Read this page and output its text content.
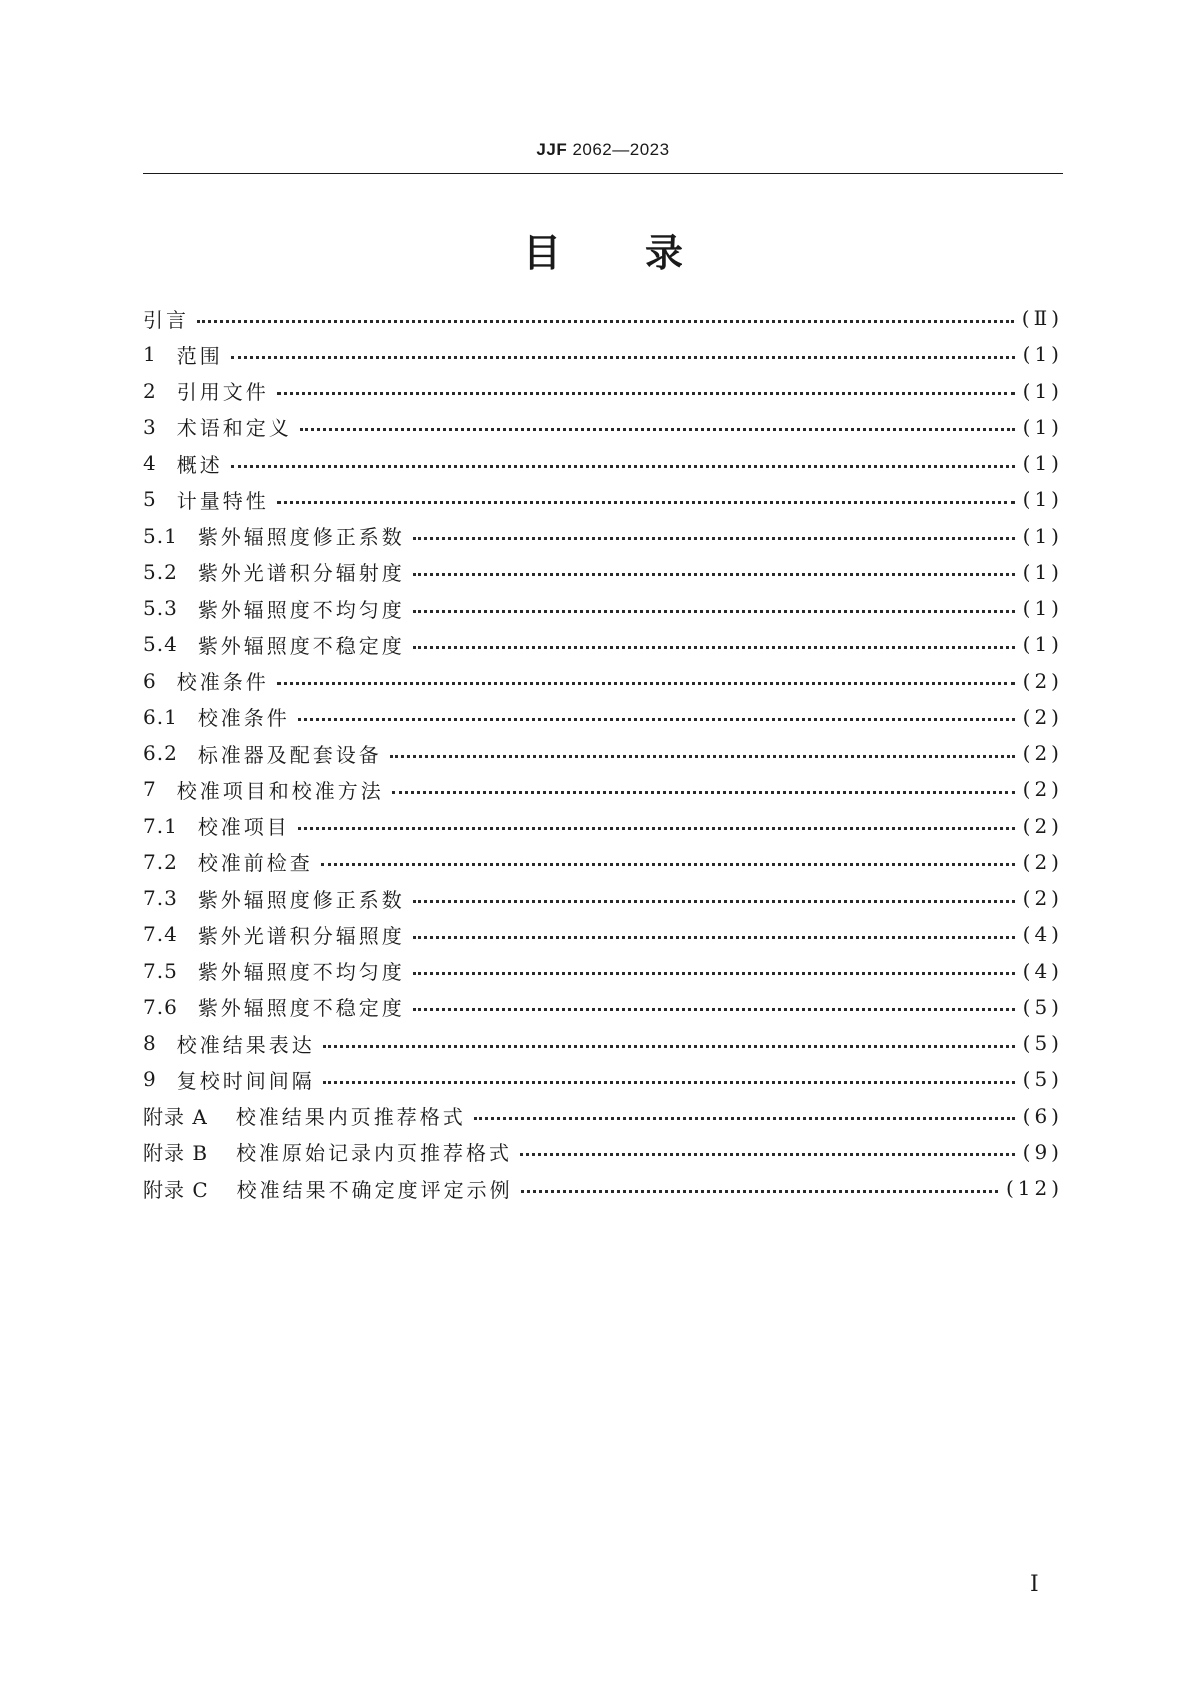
JJF 2062—2023
目录
引言	(Ⅱ)
1 范围	(1)
2 引用文件	(1)
3 术语和定义	(1)
4 概述	(1)
5 计量特性	(1)
5.1 紫外辐照度修正系数	(1)
5.2 紫外光谱积分辐射度	(1)
5.3 紫外辐照度不均匀度	(1)
5.4 紫外辐照度不稳定度	(1)
6 校准条件	(2)
6.1 校准条件	(2)
6.2 标准器及配套设备	(2)
7 校准项目和校准方法	(2)
7.1 校准项目	(2)
7.2 校准前检查	(2)
7.3 紫外辐照度修正系数	(2)
7.4 紫外光谱积分辐照度	(4)
7.5 紫外辐照度不均匀度	(4)
7.6 紫外辐照度不稳定度	(5)
8 校准结果表达	(5)
9 复校时间间隔	(5)
附录 A 校准结果内页推荐格式	(6)
附录 B 校准原始记录内页推荐格式	(9)
附录 C 校准结果不确定度评定示例	(12)
I
